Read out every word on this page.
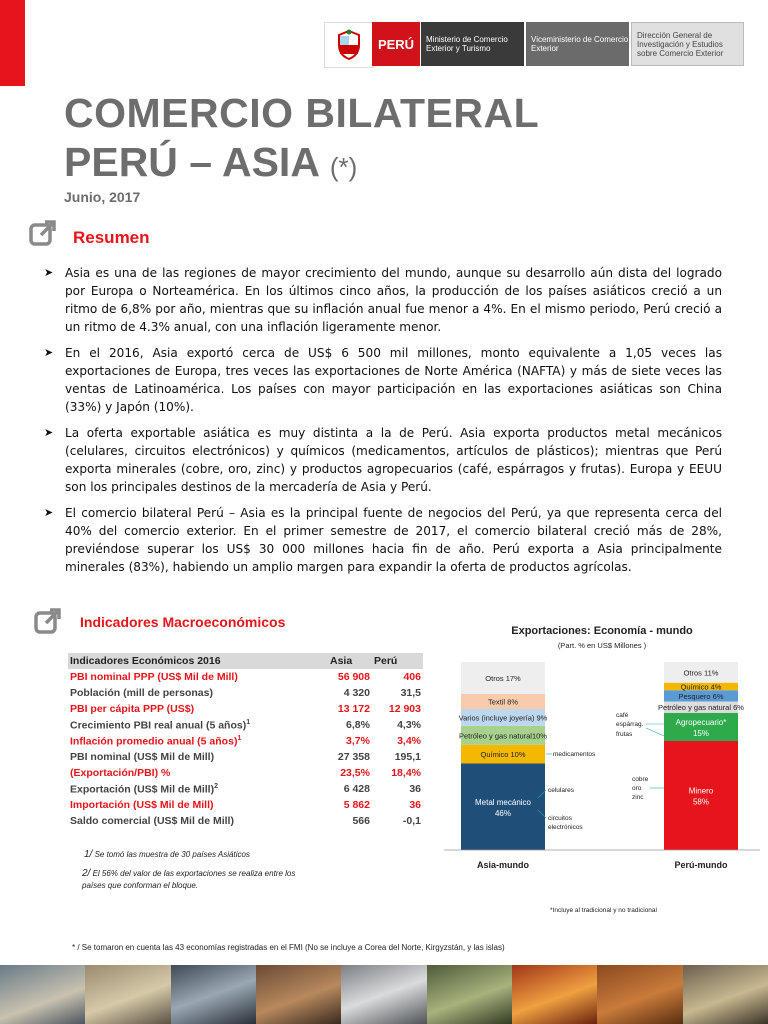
PERÚ Ministerio de Comercio Exterior y Turismo
Viceministerio de Comercio Exterior
Dirección General de Investigación y Estudios sobre Comercio Exterior
COMERCIO BILATERAL
PERÚ – ASIA (*)
Junio, 2017
Resumen
➤ Asia es una de las regiones de mayor crecimiento del mundo, aunque su desarrollo aún dista del logrado por Europa o Norteamérica. En los últimos cinco años, la producción de los países asiáticos creció a un ritmo de 6,8% por año, mientras que su inflación anual fue menor a 4%. En el mismo periodo, Perú creció a un ritmo de 4.3% anual, con una inflación ligeramente menor.
➤ En el 2016, Asia exportó cerca de US$ 6 500 mil millones, monto equivalente a 1,05 veces las exportaciones de Europa, tres veces las exportaciones de Norte América (NAFTA) y más de siete veces las ventas de Latinoamérica. Los países con mayor participación en las exportaciones asiáticas son China (33%) y Japón (10%).
➤ La oferta exportable asiática es muy distinta a la de Perú. Asia exporta productos metal mecánicos (celulares, circuitos electrónicos) y químicos (medicamentos, artículos de plásticos); mientras que Perú exporta minerales (cobre, oro, zinc) y productos agropecuarios (café, espárragos y frutas). Europa y EEUU son los principales destinos de la mercadería de Asia y Perú.
➤ El comercio bilateral Perú – Asia es la principal fuente de negocios del Perú, ya que representa cerca del 40% del comercio exterior. En el primer semestre de 2017, el comercio bilateral creció más de 28%, previéndose superar los US$ 30 000 millones hacia fin de año. Perú exporta a Asia principalmente minerales (83%), habiendo un amplio margen para expandir la oferta de productos agrícolas.
Indicadores Macroeconómicos
Indicadores Económicos 2016	Asia	Perú
PBI nominal PPP (US$ Mil de Mill)	56 908	406
Población (mill de personas)	4 320	31,5
PBI per cápita PPP (US$)	13 172	12 903
Crecimiento PBI real anual (5 años)$^1$	6,8%	4,3%
Inflación promedio anual (5 años)$^1$	3,7%	3,4%
PBI nominal (US$ Mil de Mill)	27 358	195,1
(Exportación/PBI) %	23,5%	18,4%
Exportación (US$ Mil de Mill)$^2$	6 428	36
Importación (US$ Mil de Mill)	5 862	36
Saldo comercial (US$ Mil de Mill)	566	-0,1
1/ Se tomó las muestra de 30 países Asiáticos
2/ El 56% del valor de las exportaciones se realiza entre los
países que conforman el bloque.
Exportaciones: Economía - mundo
(Part. % en US$ Millones )
Metal mecánico
46%
Químico 10%
Petróleo y gas natural10%
Varios (incluye joyería) 9%
Textil 8%
Otros 17%
Asia-mundo
Minero
58%
Agropecuario*
15%
Petróleo y gas natural 6%
Pesquero 6%
Químico 4%
Otros 11%
Perú-mundo
medicamentos
celulares
circuitos
electrónicos
café
espárrag.
frutas
cobre
oro
zinc
*Incluye al tradicional y no tradicional
* / Se tomaron en cuenta las 43 economías registradas en el FMI (No se incluye a Corea del Norte, Kirgyzstán, y las islas)
